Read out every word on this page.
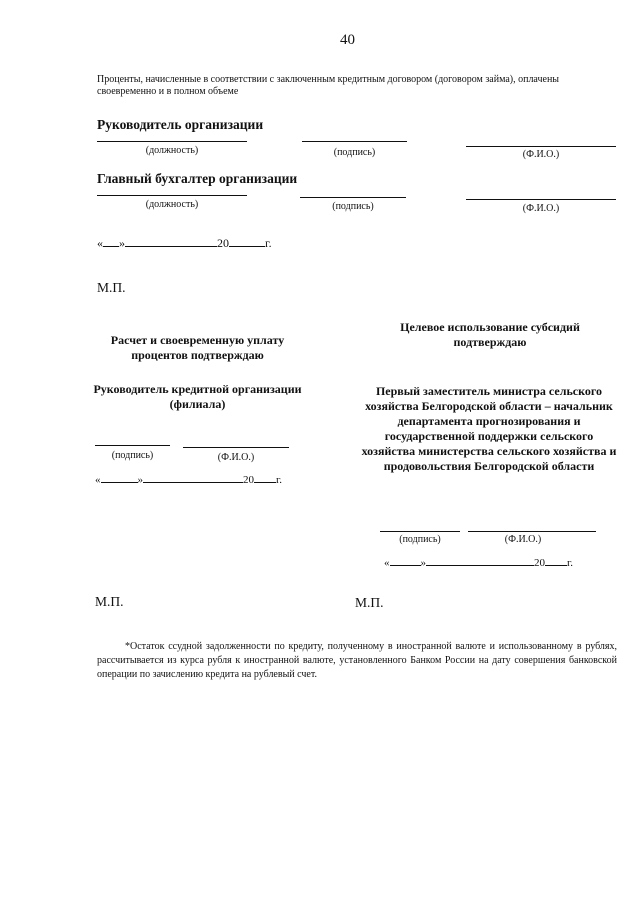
40
Проценты, начисленные в соответствии с заключенным кредитным договором (договором займа), оплачены своевременно и в полном объеме
Руководитель организации
(должность)	(подпись)	(Ф.И.О.)
Главный бухгалтер организации
(должность)	(подпись)	(Ф.И.О.)
« »	20	г.
М.П.
Расчет и своевременную уплату процентов подтверждаю
Руководитель кредитной организации (филиала)
(подпись)	(Ф.И.О.)
«	»	20 г.
Целевое использование субсидий подтверждаю
Первый заместитель министра сельского хозяйства Белгородской области – начальник департамента прогнозирования и государственной поддержки сельского хозяйства министерства сельского хозяйства и продовольствия Белгородской области
(подпись)	(Ф.И.О.)
«	»	20 г.
М.П.	М.П.
*Остаток ссудной задолженности по кредиту, полученному в иностранной валюте и использованному в рублях, рассчитывается из курса рубля к иностранной валюте, установленного Банком России на дату совершения банковской операции по зачислению кредита на рублевый счет.
